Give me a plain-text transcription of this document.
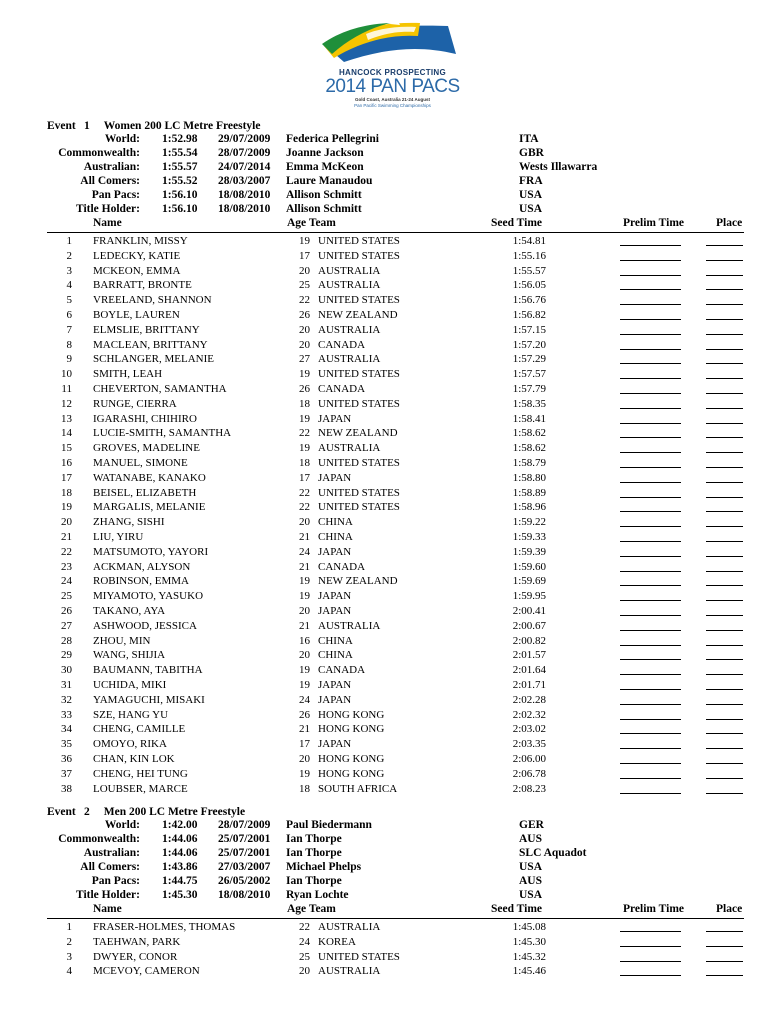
HANCOCK PROSPECTING
2014 PAN PACS
Gold Coast, Australia 21-24 August
Pan Pacific Swimming Championships
Event 1 Women 200 LC Metre Freestyle
World: 1:52.98 29/07/2009 Federica Pellegrini	ITA
Commonwealth: 1:55.54 28/07/2009 Joanne Jackson	GBR
Australian: 1:55.57 24/07/2014 Emma McKeon	Wests Illawarra
All Comers: 1:55.52 28/03/2007 Laure Manaudou	FRA
Pan Pacs: 1:56.10 18/08/2010 Allison Schmitt	USA
Title Holder: 1:56.10 18/08/2010 Allison Schmitt	USA
Name	Age Team	Seed Time	Prelim Time	Place
1 FRANKLIN, MISSY	19 UNITED STATES	1:54.81
2 LEDECKY, KATIE	17 UNITED STATES	1:55.16
3 MCKEON, EMMA	20 AUSTRALIA	1:55.57
4 BARRATT, BRONTE	25 AUSTRALIA	1:56.05
5 VREELAND, SHANNON	22 UNITED STATES	1:56.76
6 BOYLE, LAUREN	26 NEW ZEALAND	1:56.82
7 ELMSLIE, BRITTANY	20 AUSTRALIA	1:57.15
8 MACLEAN, BRITTANY	20 CANADA	1:57.20
9 SCHLANGER, MELANIE	27 AUSTRALIA	1:57.29
10 SMITH, LEAH	19 UNITED STATES	1:57.57
11 CHEVERTON, SAMANTHA	26 CANADA	1:57.79
12 RUNGE, CIERRA	18 UNITED STATES	1:58.35
13 IGARASHI, CHIHIRO	19 JAPAN	1:58.41
14 LUCIE-SMITH, SAMANTHA	22 NEW ZEALAND	1:58.62
15 GROVES, MADELINE	19 AUSTRALIA	1:58.62
16 MANUEL, SIMONE	18 UNITED STATES	1:58.79
17 WATANABE, KANAKO	17 JAPAN	1:58.80
18 BEISEL, ELIZABETH	22 UNITED STATES	1:58.89
19 MARGALIS, MELANIE	22 UNITED STATES	1:58.96
20 ZHANG, SISHI	20 CHINA	1:59.22
21 LIU, YIRU	21 CHINA	1:59.33
22 MATSUMOTO, YAYORI	24 JAPAN	1:59.39
23 ACKMAN, ALYSON	21 CANADA	1:59.60
24 ROBINSON, EMMA	19 NEW ZEALAND	1:59.69
25 MIYAMOTO, YASUKO	19 JAPAN	1:59.95
26 TAKANO, AYA	20 JAPAN	2:00.41
27 ASHWOOD, JESSICA	21 AUSTRALIA	2:00.67
28 ZHOU, MIN	16 CHINA	2:00.82
29 WANG, SHIJIA	20 CHINA	2:01.57
30 BAUMANN, TABITHA	19 CANADA	2:01.64
31 UCHIDA, MIKI	19 JAPAN	2:01.71
32 YAMAGUCHI, MISAKI	24 JAPAN	2:02.28
33 SZE, HANG YU	26 HONG KONG	2:02.32
34 CHENG, CAMILLE	21 HONG KONG	2:03.02
35 OMOYO, RIKA	17 JAPAN	2:03.35
36 CHAN, KIN LOK	20 HONG KONG	2:06.00
37 CHENG, HEI TUNG	19 HONG KONG	2:06.78
38 LOUBSER, MARCE	18 SOUTH AFRICA	2:08.23
Event 2 Men 200 LC Metre Freestyle
World: 1:42.00 28/07/2009 Paul Biedermann	GER
Commonwealth: 1:44.06 25/07/2001 Ian Thorpe	AUS
Australian: 1:44.06 25/07/2001 Ian Thorpe	SLC Aquadot
All Comers: 1:43.86 27/03/2007 Michael Phelps	USA
Pan Pacs: 1:44.75 26/05/2002 Ian Thorpe	AUS
Title Holder: 1:45.30 18/08/2010 Ryan Lochte	USA
Name	Age Team	Seed Time	Prelim Time	Place
1 FRASER-HOLMES, THOMAS	22 AUSTRALIA	1:45.08
2 TAEHWAN, PARK	24 KOREA	1:45.30
3 DWYER, CONOR	25 UNITED STATES	1:45.32
4 MCEVOY, CAMERON	20 AUSTRALIA	1:45.46
